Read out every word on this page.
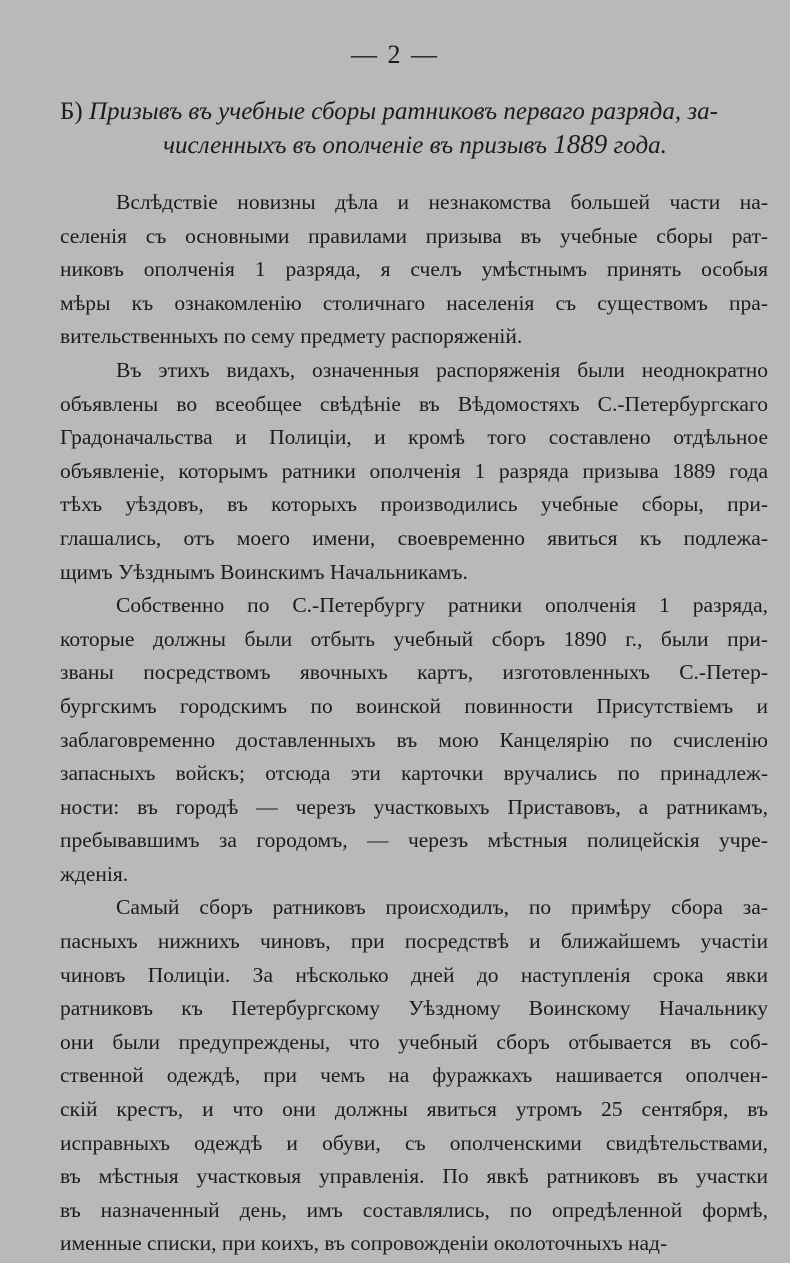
— 2 —
Б) Призывъ въ учебные сборы ратниковъ перваго разряда, за-
численныхъ въ ополченіе въ призывъ 1889 года.
Вслѣдствіе новизны дѣла и незнакомства большей части на-
селенія съ основными правилами призыва въ учебные сборы рат-
никовъ ополченія 1 разряда, я счелъ умѣстнымъ принять особыя
мѣры къ ознакомленію столичнаго населенія съ существомъ пра-
вительственныхъ по сему предмету распоряженій.
Въ этихъ видахъ, означенныя распоряженія были неоднократно
объявлены во всеобщее свѣдѣніе въ Вѣдомостяхъ С.-Петербургскаго
Градоначальства и Полиціи, и кромѣ того составлено отдѣльное
объявленіе, которымъ ратники ополченія 1 разряда призыва 1889 года
тѣхъ уѣздовъ, въ которыхъ производились учебные сборы, при-
глашались, отъ моего имени, своевременно явиться къ подлежа-
щимъ Уѣзднымъ Воинскимъ Начальникамъ.
Собственно по С.-Петербургу ратники ополченія 1 разряда,
которые должны были отбыть учебный сборъ 1890 г., были при-
званы посредствомъ явочныхъ картъ, изготовленныхъ С.-Петер-
бургскимъ городскимъ по воинской повинности Присутствіемъ и
заблаговременно доставленныхъ въ мою Канцелярію по счисленію
запасныхъ войскъ; отсюда эти карточки вручались по принадлеж-
ности: въ городѣ — черезъ участковыхъ Приставовъ, а ратникамъ,
пребывавшимъ за городомъ, — черезъ мѣстныя полицейскія учре-
жденія.
Самый сборъ ратниковъ происходилъ, по примѣру сбора за-
пасныхъ нижнихъ чиновъ, при посредствѣ и ближайшемъ участіи
чиновъ Полиціи. За нѣсколько дней до наступленія срока явки
ратниковъ къ Петербургскому Уѣздному Воинскому Начальнику
они были предупреждены, что учебный сборъ отбывается въ соб-
ственной одеждѣ, при чемъ на фуражкахъ нашивается ополчен-
скій крестъ, и что они должны явиться утромъ 25 сентября, въ
исправныхъ одеждѣ и обуви, съ ополченскими свидѣтельствами,
въ мѣстныя участковыя управленія. По явкѣ ратниковъ въ участки
въ назначенный день, имъ составлялись, по опредѣленной формѣ,
именные списки, при коихъ, въ сопровожденіи околоточныхъ над-
